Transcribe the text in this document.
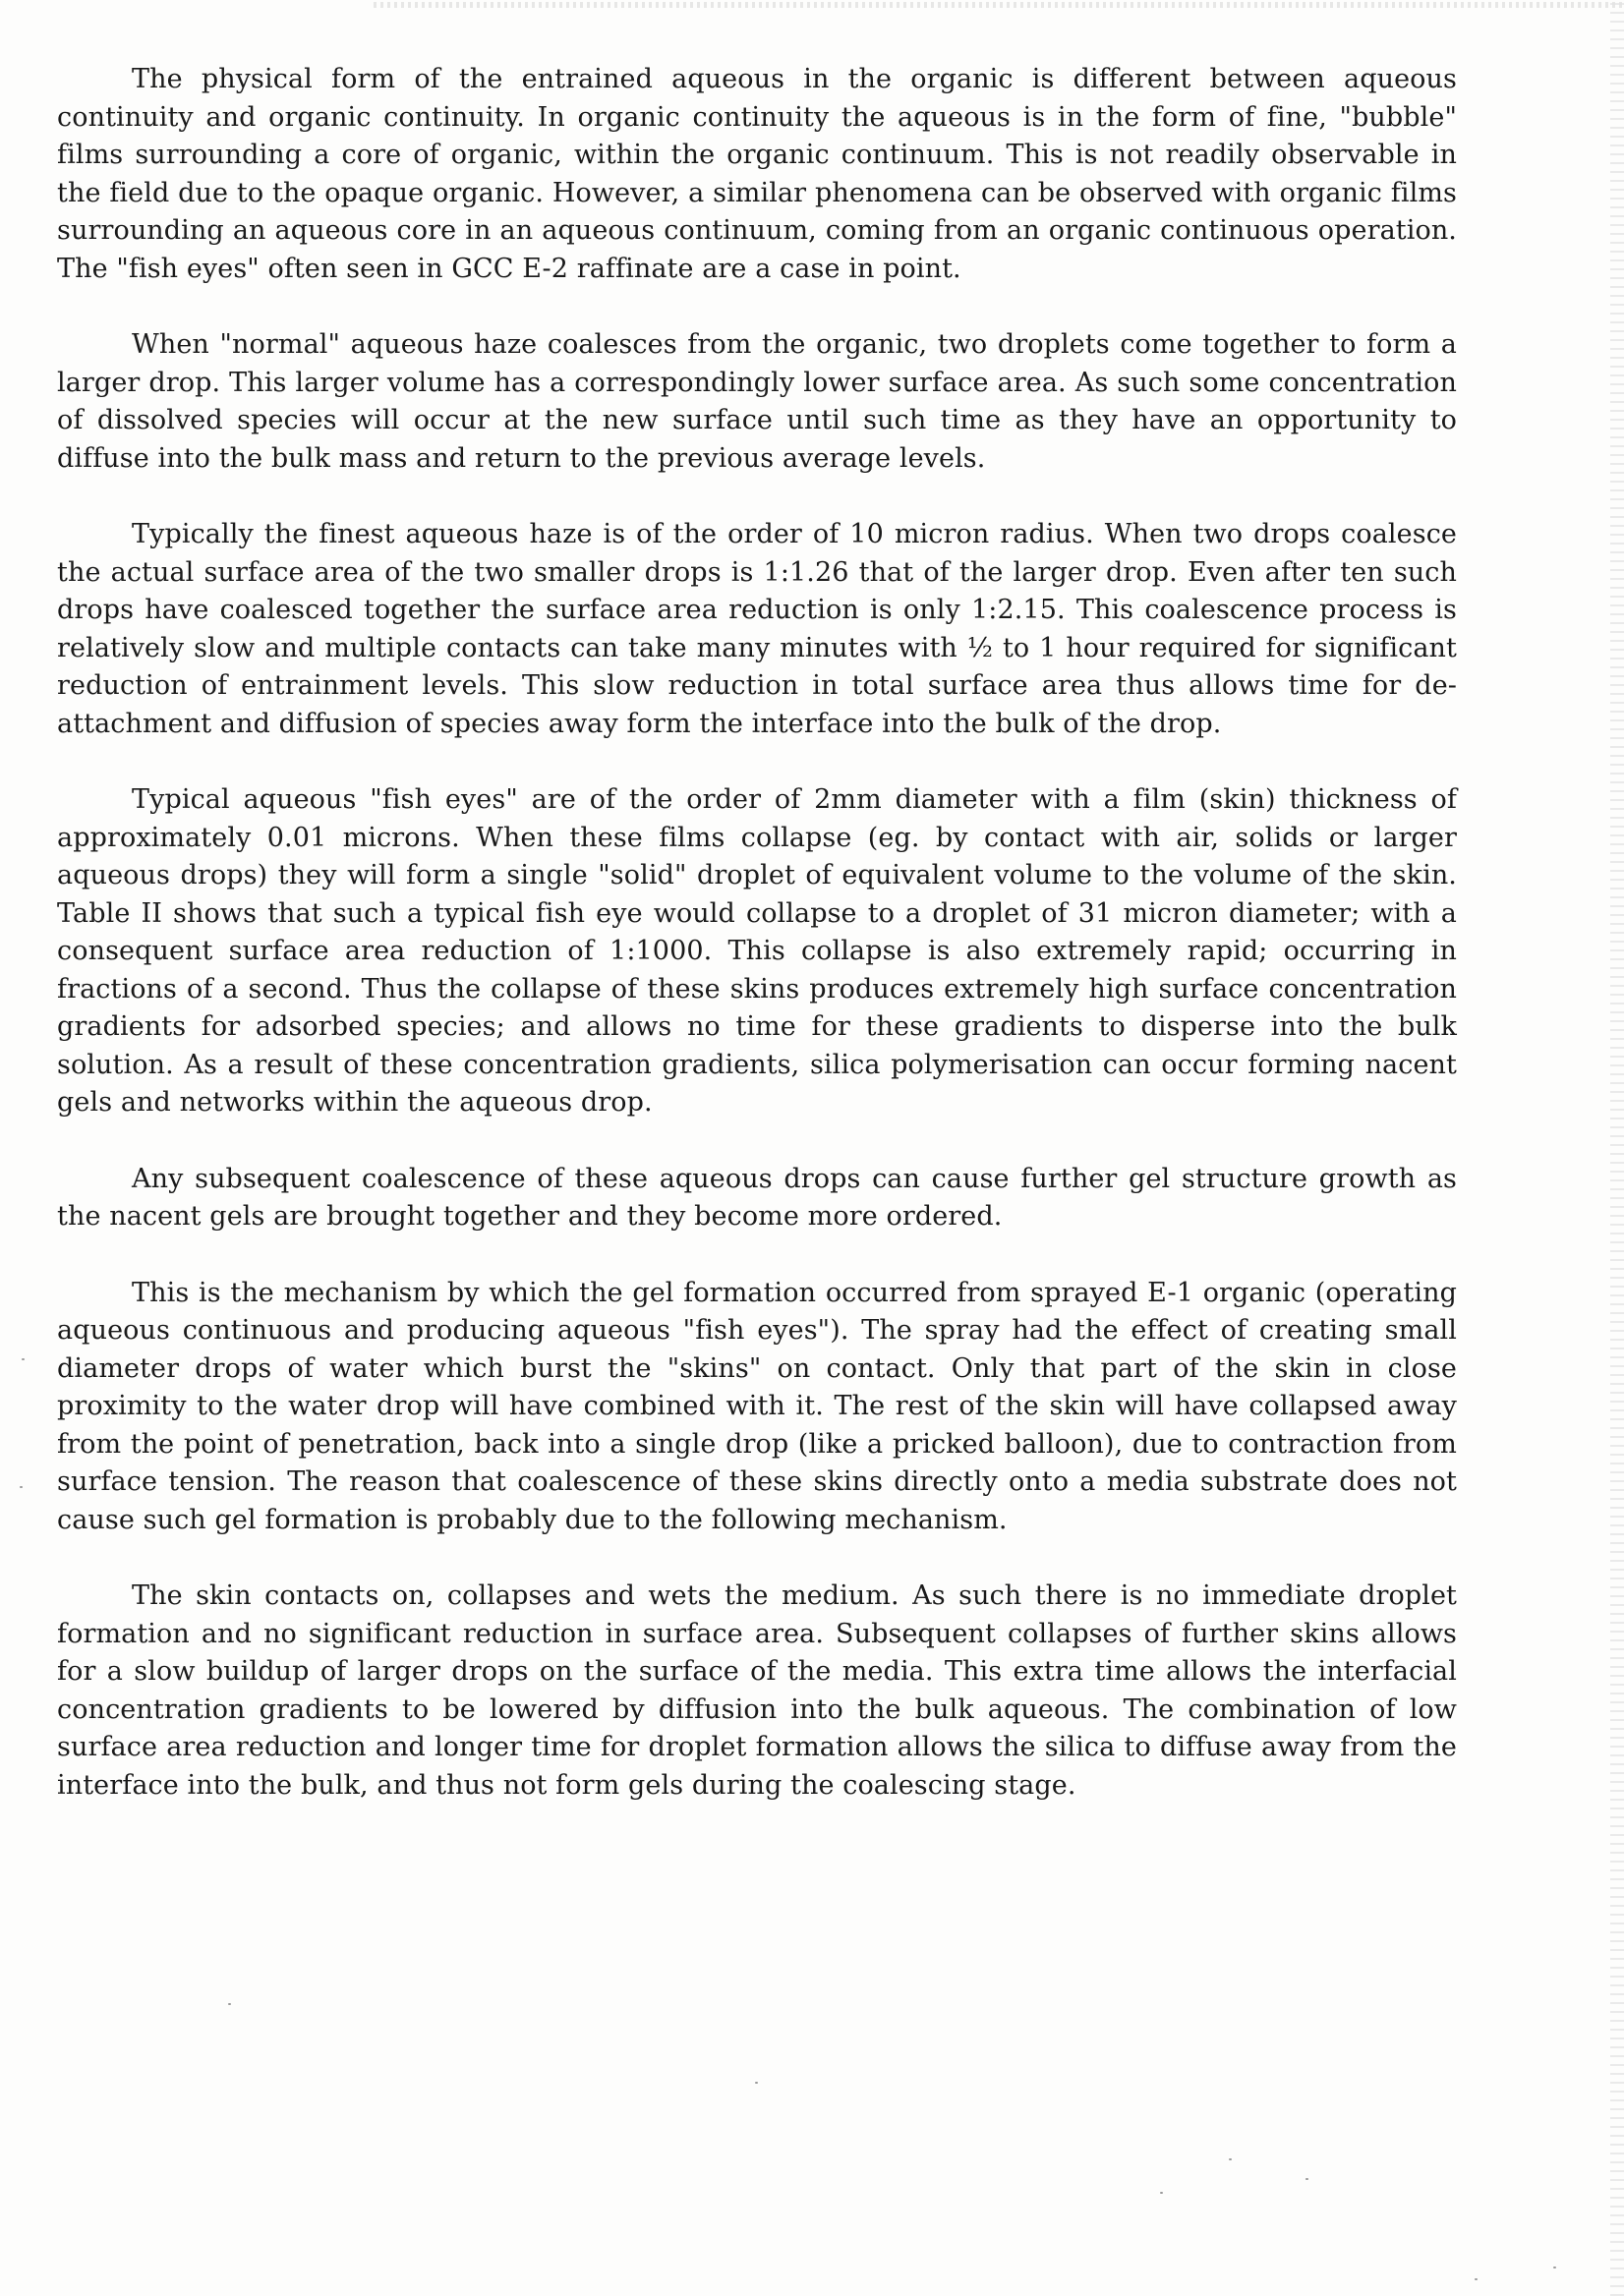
The physical form of the entrained aqueous in the organic is different between aqueous continuity and organic continuity. In organic continuity the aqueous is in the form of fine, "bubble" films surrounding a core of organic, within the organic continuum. This is not readily observable in the field due to the opaque organic. However, a similar phenomena can be observed with organic films surrounding an aqueous core in an aqueous continuum, coming from an organic continuous operation. The "fish eyes" often seen in GCC E-2 raffinate are a case in point.

When "normal" aqueous haze coalesces from the organic, two droplets come together to form a larger drop. This larger volume has a correspondingly lower surface area. As such some concentration of dissolved species will occur at the new surface until such time as they have an opportunity to diffuse into the bulk mass and return to the previous average levels.

Typically the finest aqueous haze is of the order of 10 micron radius. When two drops coalesce the actual surface area of the two smaller drops is 1:1.26 that of the larger drop. Even after ten such drops have coalesced together the surface area reduction is only 1:2.15. This coalescence process is relatively slow and multiple contacts can take many minutes with ½ to 1 hour required for significant reduction of entrainment levels. This slow reduction in total surface area thus allows time for de-attachment and diffusion of species away form the interface into the bulk of the drop.

Typical aqueous "fish eyes" are of the order of 2mm diameter with a film (skin) thickness of approximately 0.01 microns. When these films collapse (eg. by contact with air, solids or larger aqueous drops) they will form a single "solid" droplet of equivalent volume to the volume of the skin. Table II shows that such a typical fish eye would collapse to a droplet of 31 micron diameter; with a consequent surface area reduction of 1:1000. This collapse is also extremely rapid; occurring in fractions of a second. Thus the collapse of these skins produces extremely high surface concentration gradients for adsorbed species; and allows no time for these gradients to disperse into the bulk solution. As a result of these concentration gradients, silica polymerisation can occur forming nacent gels and networks within the aqueous drop.

Any subsequent coalescence of these aqueous drops can cause further gel structure growth as the nacent gels are brought together and they become more ordered.

This is the mechanism by which the gel formation occurred from sprayed E-1 organic (operating aqueous continuous and producing aqueous "fish eyes"). The spray had the effect of creating small diameter drops of water which burst the "skins" on contact. Only that part of the skin in close proximity to the water drop will have combined with it. The rest of the skin will have collapsed away from the point of penetration, back into a single drop (like a pricked balloon), due to contraction from surface tension. The reason that coalescence of these skins directly onto a media substrate does not cause such gel formation is probably due to the following mechanism.

The skin contacts on, collapses and wets the medium. As such there is no immediate droplet formation and no significant reduction in surface area. Subsequent collapses of further skins allows for a slow buildup of larger drops on the surface of the media. This extra time allows the interfacial concentration gradients to be lowered by diffusion into the bulk aqueous. The combination of low surface area reduction and longer time for droplet formation allows the silica to diffuse away from the interface into the bulk, and thus not form gels during the coalescing stage.
